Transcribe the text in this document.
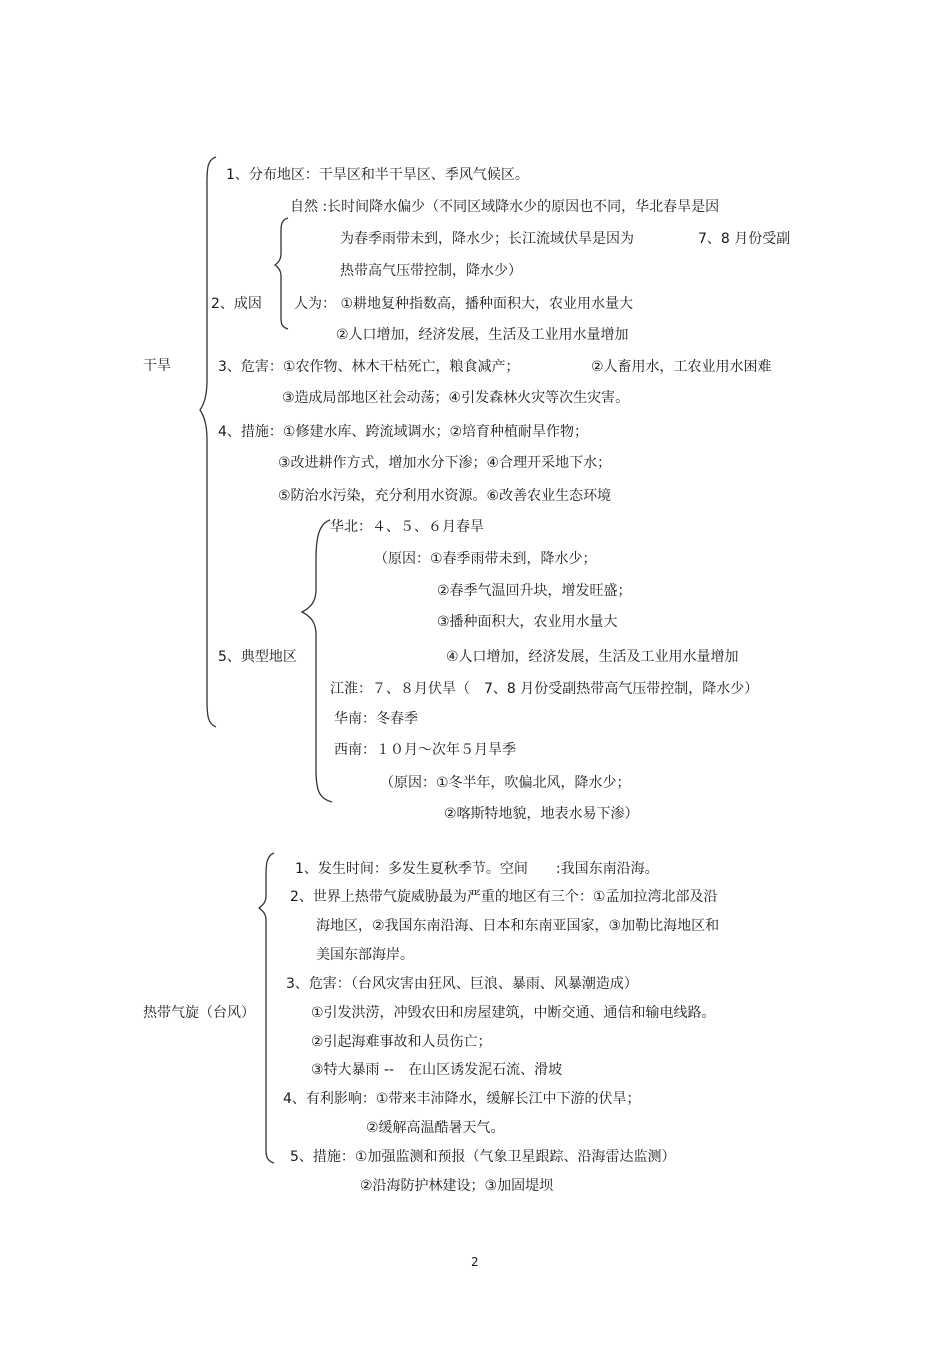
干旱
1、分布地区：干旱区和半干旱区、季风气候区。
自然 :长时间降水偏少（不同区域降水少的原因也不同，华北春旱是因
为春季雨带未到，降水少；长江流域伏旱是因为	7、8 月份受副
热带高气压带控制，降水少）
2、成因 人为： ①耕地复种指数高，播种面积大，农业用水量大
②人口增加，经济发展，生活及工业用水量增加
3、危害：①农作物、林木干枯死亡，粮食减产；	②人畜用水，工农业用水困难
③造成局部地区社会动荡；④引发森林火灾等次生灾害。
4、措施：①修建水库、跨流域调水；②培育种植耐旱作物；
③改进耕作方式，增加水分下渗；④合理开采地下水；
⑤防治水污染，充分利用水资源。⑥改善农业生态环境
华北：４、５、６月春旱
（原因：①春季雨带未到，降水少；
②春季气温回升块，增发旺盛；
③播种面积大，农业用水量大
5、典型地区	④人口增加，经济发展，生活及工业用水量增加
江淮：７、８月伏旱（　7、8 月份受副热带高气压带控制，降水少）
华南：冬春季
西南：１０月～次年５月旱季
（原因：①冬半年，吹偏北风，降水少；
②喀斯特地貌，地表水易下渗）
热带气旋（台风）
1、发生时间：多发生夏秋季节。空间　　:我国东南沿海。
2、世界上热带气旋威胁最为严重的地区有三个：①孟加拉湾北部及沿
海地区，②我国东南沿海、日本和东南亚国家，③加勒比海地区和
美国东部海岸。
3、危害：（台风灾害由狂风、巨浪、暴雨、风暴潮造成）
①引发洪涝，冲毁农田和房屋建筑，中断交通、通信和输电线路。
②引起海难事故和人员伤亡；
③特大暴雨 --　在山区诱发泥石流、滑坡
4、有利影响：①带来丰沛降水，缓解长江中下游的伏旱；
②缓解高温酷暑天气。
5、措施：①加强监测和预报（气象卫星跟踪、沿海雷达监测）
②沿海防护林建设；③加固堤坝
2
